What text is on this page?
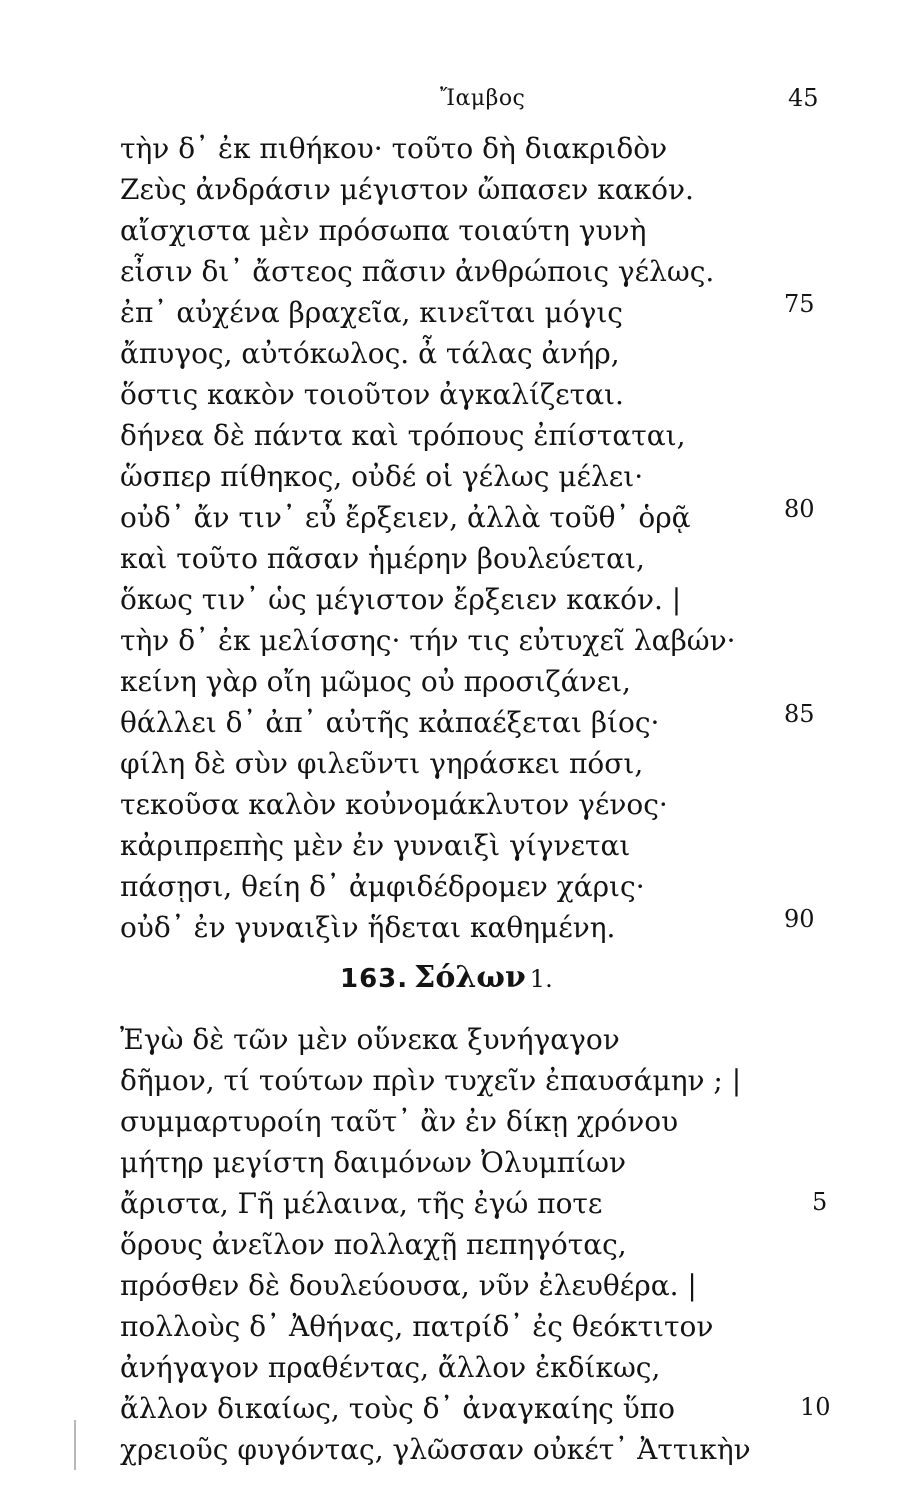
Ἴαμβος	45
τὴν δ᾽ ἐκ πιθήκου· τοῦτο δὴ διακριδὸν
Ζεὺς ἀνδράσιν μέγιστον ὤπασεν κακόν.
αἴσχιστα μὲν πρόσωπα τοιαύτη γυνὴ
εἶσιν δι᾽ ἄστεος πᾶσιν ἀνθρώποις γέλως.
ἐπ᾽ αὐχένα βραχεῖα, κινεῖται μόγις
ἄπυγος, αὐτόκωλος. ἆ τάλας ἀνήρ,
ὅστις κακὸν τοιοῦτον ἀγκαλίζεται.
δήνεα δὲ πάντα καὶ τρόπους ἐπίσταται,
ὥσπερ πίθηκος, οὐδέ οἱ γέλως μέλει·
οὐδ᾽ ἄν τιν᾽ εὖ ἔρξειεν, ἀλλὰ τοῦθ᾽ ὁρᾷ
καὶ τοῦτο πᾶσαν ἡμέρην βουλεύεται,
ὅκως τιν᾽ ὡς μέγιστον ἔρξειεν κακόν. |
τὴν δ᾽ ἐκ μελίσσης· τήν τις εὐτυχεῖ λαβών·
κείνη γὰρ οἴη μῶμος οὐ προσιζάνει,
θάλλει δ᾽ ἀπ᾽ αὐτῆς κἀπαέξεται βίος·
φίλη δὲ σὺν φιλεῦντι γηράσκει πόσι,
τεκοῦσα καλὸν κοὐνομάκλυτον γένος·
κἀριπρεπὴς μὲν ἐν γυναιξὶ γίγνεται
πάσῃσι, θείη δ᾽ ἀμφιδέδρομεν χάρις·
οὐδ᾽ ἐν γυναιξὶν ἥδεται καθημένη.
75
80
85
90
163. Σόλων 1.
Ἐγὼ δὲ τῶν μὲν οὕνεκα ξυνήγαγον
δῆμον, τί τούτων πρὶν τυχεῖν ἐπαυσάμην ; |
συμμαρτυροίη ταῦτ᾽ ἂν ἐν δίκῃ χρόνου
μήτηρ μεγίστη δαιμόνων Ὀλυμπίων
ἄριστα, Γῆ μέλαινα, τῆς ἐγώ ποτε
ὅρους ἀνεῖλον πολλαχῇ πεπηγότας,
πρόσθεν δὲ δουλεύουσα, νῦν ἐλευθέρα. |
πολλοὺς δ᾽ Ἀθήνας, πατρίδ᾽ ἐς θεόκτιτον
ἀνήγαγον πραθέντας, ἄλλον ἐκδίκως,
ἄλλον δικαίως, τοὺς δ᾽ ἀναγκαίης ὕπο
χρειοῦς φυγόντας, γλῶσσαν οὐκέτ᾽ Ἀττικὴν
5
10
